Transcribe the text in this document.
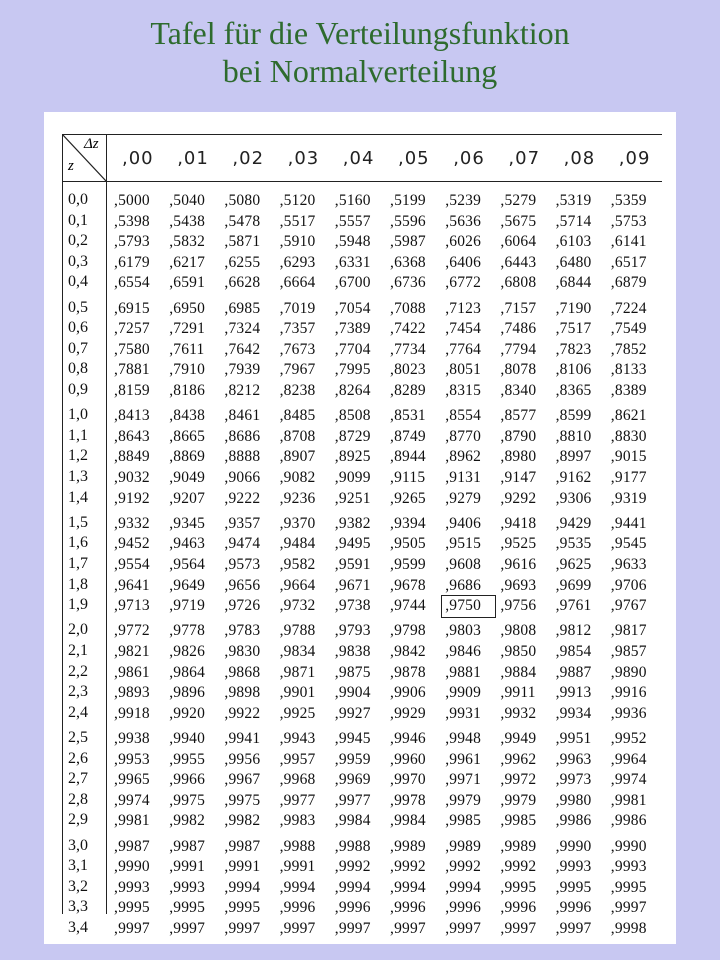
Tafel für die Verteilungsfunktion
bei Normalverteilung
Δz
z	,00 ,01 ,02 ,03 ,04 ,05 ,06 ,07 ,08 ,09
0,0 ,5000 ,5040 ,5080 ,5120 ,5160 ,5199 ,5239 ,5279 ,5319 ,5359
0,1 ,5398 ,5438 ,5478 ,5517 ,5557 ,5596 ,5636 ,5675 ,5714 ,5753
0,2 ,5793 ,5832 ,5871 ,5910 ,5948 ,5987 ,6026 ,6064 ,6103 ,6141
0,3 ,6179 ,6217 ,6255 ,6293 ,6331 ,6368 ,6406 ,6443 ,6480 ,6517
0,4 ,6554 ,6591 ,6628 ,6664 ,6700 ,6736 ,6772 ,6808 ,6844 ,6879
0,5 ,6915 ,6950 ,6985 ,7019 ,7054 ,7088 ,7123 ,7157 ,7190 ,7224
0,6 ,7257 ,7291 ,7324 ,7357 ,7389 ,7422 ,7454 ,7486 ,7517 ,7549
0,7 ,7580 ,7611 ,7642 ,7673 ,7704 ,7734 ,7764 ,7794 ,7823 ,7852
0,8 ,7881 ,7910 ,7939 ,7967 ,7995 ,8023 ,8051 ,8078 ,8106 ,8133
0,9 ,8159 ,8186 ,8212 ,8238 ,8264 ,8289 ,8315 ,8340 ,8365 ,8389
1,0 ,8413 ,8438 ,8461 ,8485 ,8508 ,8531 ,8554 ,8577 ,8599 ,8621
1,1 ,8643 ,8665 ,8686 ,8708 ,8729 ,8749 ,8770 ,8790 ,8810 ,8830
1,2 ,8849 ,8869 ,8888 ,8907 ,8925 ,8944 ,8962 ,8980 ,8997 ,9015
1,3 ,9032 ,9049 ,9066 ,9082 ,9099 ,9115 ,9131 ,9147 ,9162 ,9177
1,4 ,9192 ,9207 ,9222 ,9236 ,9251 ,9265 ,9279 ,9292 ,9306 ,9319
1,5 ,9332 ,9345 ,9357 ,9370 ,9382 ,9394 ,9406 ,9418 ,9429 ,9441
1,6 ,9452 ,9463 ,9474 ,9484 ,9495 ,9505 ,9515 ,9525 ,9535 ,9545
1,7 ,9554 ,9564 ,9573 ,9582 ,9591 ,9599 ,9608 ,9616 ,9625 ,9633
1,8 ,9641 ,9649 ,9656 ,9664 ,9671 ,9678 ,9686 ,9693 ,9699 ,9706
1,9 ,9713 ,9719 ,9726 ,9732 ,9738 ,9744 ,9750 ,9756 ,9761 ,9767
2,0 ,9772 ,9778 ,9783 ,9788 ,9793 ,9798 ,9803 ,9808 ,9812 ,9817
2,1 ,9821 ,9826 ,9830 ,9834 ,9838 ,9842 ,9846 ,9850 ,9854 ,9857
2,2 ,9861 ,9864 ,9868 ,9871 ,9875 ,9878 ,9881 ,9884 ,9887 ,9890
2,3 ,9893 ,9896 ,9898 ,9901 ,9904 ,9906 ,9909 ,9911 ,9913 ,9916
2,4 ,9918 ,9920 ,9922 ,9925 ,9927 ,9929 ,9931 ,9932 ,9934 ,9936
2,5 ,9938 ,9940 ,9941 ,9943 ,9945 ,9946 ,9948 ,9949 ,9951 ,9952
2,6 ,9953 ,9955 ,9956 ,9957 ,9959 ,9960 ,9961 ,9962 ,9963 ,9964
2,7 ,9965 ,9966 ,9967 ,9968 ,9969 ,9970 ,9971 ,9972 ,9973 ,9974
2,8 ,9974 ,9975 ,9975 ,9977 ,9977 ,9978 ,9979 ,9979 ,9980 ,9981
2,9 ,9981 ,9982 ,9982 ,9983 ,9984 ,9984 ,9985 ,9985 ,9986 ,9986
3,0 ,9987 ,9987 ,9987 ,9988 ,9988 ,9989 ,9989 ,9989 ,9990 ,9990
3,1 ,9990 ,9991 ,9991 ,9991 ,9992 ,9992 ,9992 ,9992 ,9993 ,9993
3,2 ,9993 ,9993 ,9994 ,9994 ,9994 ,9994 ,9994 ,9995 ,9995 ,9995
3,3 ,9995 ,9995 ,9995 ,9996 ,9996 ,9996 ,9996 ,9996 ,9996 ,9997
3,4 ,9997 ,9997 ,9997 ,9997 ,9997 ,9997 ,9997 ,9997 ,9997 ,9998
